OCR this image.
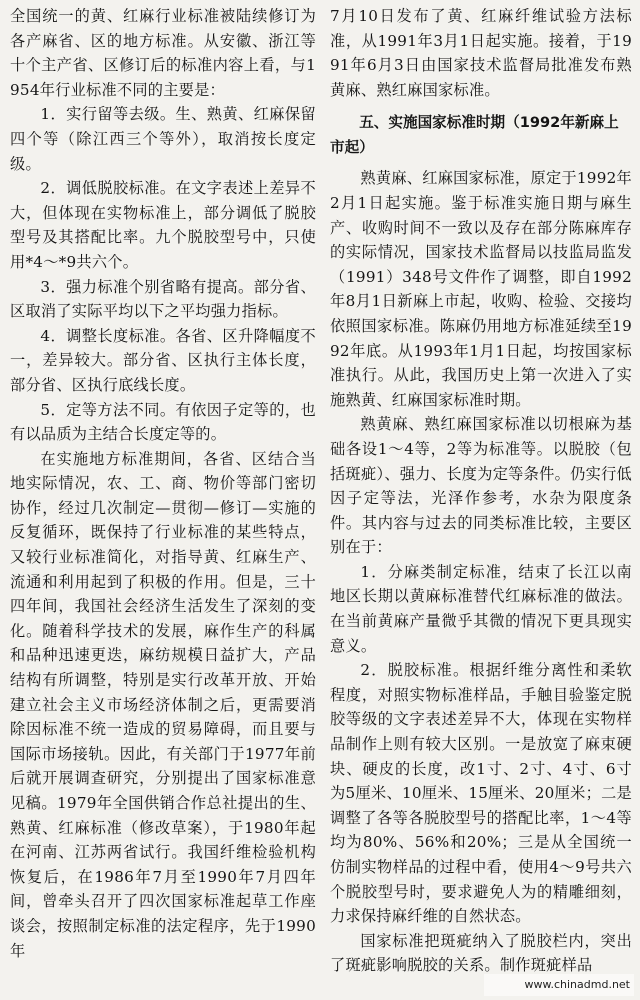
全国统一的黄、红麻行业标准被陆续修订为各产麻省、区的地方标准。从安徽、浙江等十个主产省、区修订后的标准内容上看，与1954年行业标准不同的主要是：

1．实行留等去级。生、熟黄、红麻保留四个等（除江西三个等外），取消按长度定级。

2．调低脱胶标准。在文字表述上差异不大，但体现在实物标准上，部分调低了脱胶型号及其搭配比率。九个脱胶型号中，只使用*4～*9共六个。

3．强力标准个别省略有提高。部分省、区取消了实际平均以下之平均强力指标。

4．调整长度标准。各省、区升降幅度不一，差异较大。部分省、区执行主体长度，部分省、区执行底线长度。

5．定等方法不同。有依因子定等的，也有以品质为主结合长度定等的。

在实施地方标准期间，各省、区结合当地实际情况，农、工、商、物价等部门密切协作，经过几次制定—贯彻—修订—实施的反复循环，既保持了行业标准的某些特点，又较行业标准简化，对指导黄、红麻生产、流通和利用起到了积极的作用。但是，三十四年间，我国社会经济生活发生了深刻的变化。随着科学技术的发展，麻作生产的科属和品种迅速更迭，麻纺规模日益扩大，产品结构有所调整，特别是实行改革开放、开始建立社会主义市场经济体制之后，更需要消除因标准不统一造成的贸易障碍，而且要与国际市场接轨。因此，有关部门于1977年前后就开展调查研究，分别提出了国家标准意见稿。1979年全国供销合作总社提出的生、熟黄、红麻标准（修改草案），于1980年起在河南、江苏两省试行。我国纤维检验机构恢复后，在1986年7月至1990年7月四年间，曾牵头召开了四次国家标准起草工作座谈会，按照制定标准的法定程序，先于1990年

7月10日发布了黄、红麻纤维试验方法标准，从1991年3月1日起实施。接着，于1991年6月3日由国家技术监督局批准发布熟黄麻、熟红麻国家标准。

五、实施国家标准时期（1992年新麻上市起）

熟黄麻、红麻国家标准，原定于1992年2月1日起实施。鉴于标准实施日期与麻生产、收购时间不一致以及存在部分陈麻库存的实际情况，国家技术监督局以技监局监发（1991）348号文件作了调整，即自1992年8月1日新麻上市起，收购、检验、交接均依照国家标准。陈麻仍用地方标准延续至1992年底。从1993年1月1日起，均按国家标准执行。从此，我国历史上第一次进入了实施熟黄、红麻国家标准时期。

熟黄麻、熟红麻国家标准以切根麻为基础各设1～4等，2等为标准等。以脱胶（包括斑疵）、强力、长度为定等条件。仍实行低因子定等法，光泽作参考，水杂为限度条件。其内容与过去的同类标准比较，主要区别在于：

1．分麻类制定标准，结束了长江以南地区长期以黄麻标准替代红麻标准的做法。在当前黄麻产量微乎其微的情况下更具现实意义。

2．脱胶标准。根据纤维分离性和柔软程度，对照实物标准样品，手触目验鉴定脱胶等级的文字表述差异不大，体现在实物样品制作上则有较大区别。一是放宽了麻束硬块、硬皮的长度，改1寸、2寸、4寸、6寸为5厘米、10厘米、15厘米、20厘米；二是调整了各等各脱胶型号的搭配比率，1～4等均为80%、56%和20%；三是从全国统一仿制实物样品的过程中看，使用4～9号共六个脱胶型号时，要求避免人为的精雕细刻，力求保持麻纤维的自然状态。

国家标准把斑疵纳入了脱胶栏内，突出了斑疵影响脱胶的关系。制作斑疵样品

www.chinadmd.net
